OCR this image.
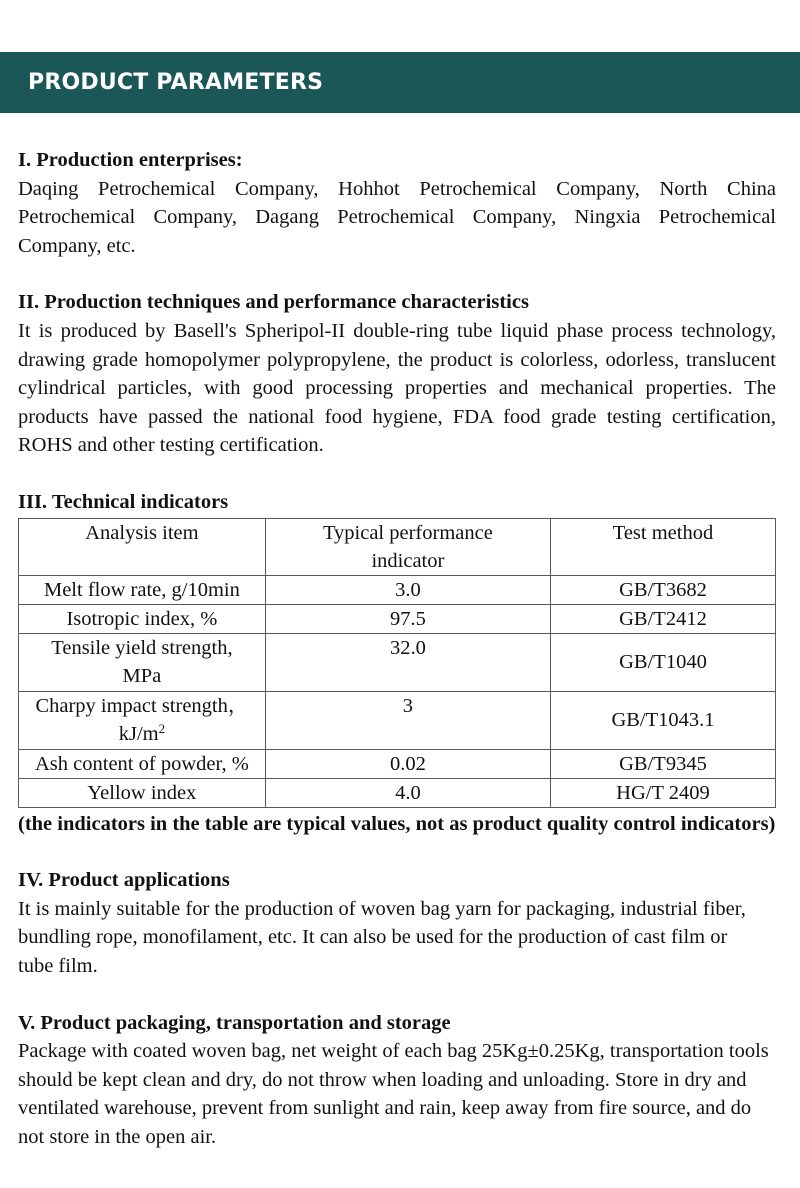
PRODUCT PARAMETERS

I. Production enterprises:

Daqing Petrochemical Company, Hohhot Petrochemical Company, North China Petrochemical Company, Dagang Petrochemical Company, Ningxia Petrochemical Company, etc.

II. Production techniques and performance characteristics

It is produced by Basell's Spheripol-II double-ring tube liquid phase process technology, drawing grade homopolymer polypropylene, the product is colorless, odorless, translucent cylindrical particles, with good processing properties and mechanical properties. The products have passed the national food hygiene, FDA food grade testing certification, ROHS and other testing certification.

III. Technical indicators

Analysis item	Typical performance indicator	Test method
Melt flow rate, g/10min	3.0	GB/T3682
Isotropic index, %	97.5	GB/T2412
Tensile yield strength, MPa	32.0	GB/T1040
Charpy impact strength，
$kJ/m^2$	3	GB/T1043.1
Ash content of powder, %	0.02	GB/T9345
Yellow index	4.0	HG/T 2409

(the indicators in the table are typical values, not as product quality control indicators)

IV. Product applications

It is mainly suitable for the production of woven bag yarn for packaging, industrial fiber, bundling rope, monofilament, etc. It can also be used for the production of cast film or tube film.

V. Product packaging, transportation and storage

Package with coated woven bag, net weight of each bag 25Kg±0.25Kg, transportation tools should be kept clean and dry, do not throw when loading and unloading. Store in dry and ventilated warehouse, prevent from sunlight and rain, keep away from fire source, and do not store in the open air.
